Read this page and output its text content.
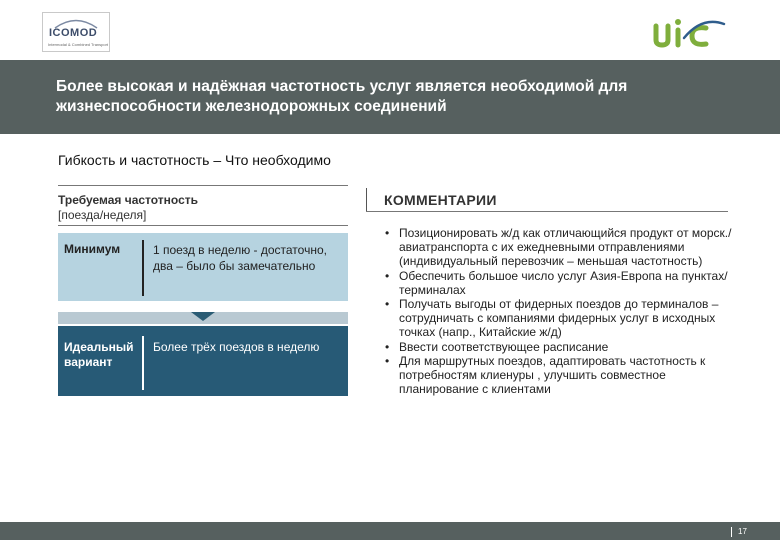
ICOMOD
Intermodal & Combined Transport
Более высокая и надёжная частотность услуг является необходимой для жизнеспособности железнодорожных соединений
Гибкость и частотность – Что необходимо
Требуемая частотность
[поезда/неделя]
Минимум	1 поезд в неделю - достаточно, два – было бы замечательно
Идеальный вариант
Более трёх поездов в неделю
КОММЕНТАРИИ
• Позиционировать ж/д как отличающийся продукт от морск./авиатранспорта с их ежедневными отправлениями (индивидуальный перевозчик – меньшая частотность)
• Обеспечить большое число услуг Азия-Европа на пунктах/терминалах
• Получать выгоды от фидерных поездов до терминалов – сотрудничать с компаниями фидерных услуг в исходных точках (напр., Китайские ж/д)
• Ввести соответствующее расписание
• Для маршрутных поездов, адаптировать частотность к потребностям клиенуры , улучшить совместное планирование с клиентами
17
